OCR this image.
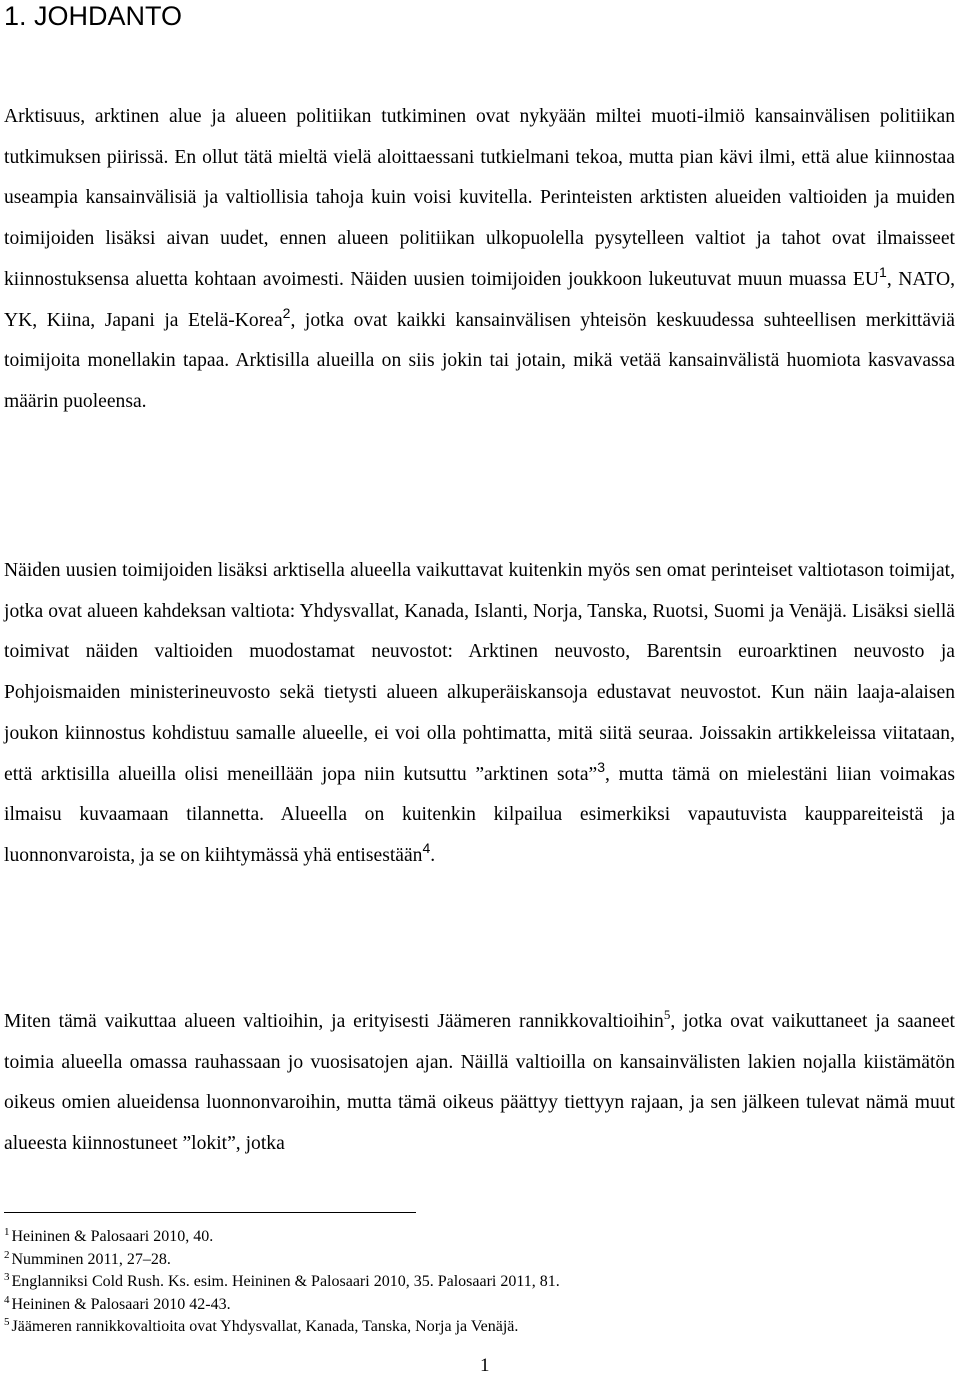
1. JOHDANTO

Arktisuus, arktinen alue ja alueen politiikan tutkiminen ovat nykyään miltei muoti-ilmiö kansainvälisen politiikan tutkimuksen piirissä. En ollut tätä mieltä vielä aloittaessani tutkielmani tekoa, mutta pian kävi ilmi, että alue kiinnostaa useampia kansainvälisiä ja valtiollisia tahoja kuin voisi kuvitella. Perinteisten arktisten alueiden valtioiden ja muiden toimijoiden lisäksi aivan uudet, ennen alueen politiikan ulkopuolella pysytelleen valtiot ja tahot ovat ilmaisseet kiinnostuksensa aluetta kohtaan avoimesti. Näiden uusien toimijoiden joukkoon lukeutuvat muun muassa $EU^1$, NATO, YK, Kiina, Japani ja Etelä-Korea$^2$, jotka ovat kaikki kansainvälisen yhteisön keskuudessa suhteellisen merkittäviä toimijoita monellakin tapaa. Arktisilla alueilla on siis jokin tai jotain, mikä vetää kansainvälistä huomiota kasvavassa määrin puoleensa.

Näiden uusien toimijoiden lisäksi arktisella alueella vaikuttavat kuitenkin myös sen omat perinteiset valtiotason toimijat, jotka ovat alueen kahdeksan valtiota: Yhdysvallat, Kanada, Islanti, Norja, Tanska, Ruotsi, Suomi ja Venäjä. Lisäksi siellä toimivat näiden valtioiden muodostamat neuvostot: Arktinen neuvosto, Barentsin euroarktinen neuvosto ja Pohjoismaiden ministerineuvosto sekä tietysti alueen alkuperäiskansoja edustavat neuvostot. Kun näin laaja-alaisen joukon kiinnostus kohdistuu samalle alueelle, ei voi olla pohtimatta, mitä siitä seuraa. Joissakin artikkeleissa viitataan, että arktisilla alueilla olisi meneillään jopa niin kutsuttu ”arktinen sota”$^3$, mutta tämä on mielestäni liian voimakas ilmaisu kuvaamaan tilannetta. Alueella on kuitenkin kilpailua esimerkiksi vapautuvista kauppareiteistä ja luonnonvaroista, ja se on kiihtymässä yhä entisestään$^4$.

Miten tämä vaikuttaa alueen valtioihin, ja erityisesti Jäämeren rannikkovaltioihin$^5$, jotka ovat vaikuttaneet ja saaneet toimia alueella omassa rauhassaan jo vuosisatojen ajan. Näillä valtioilla on kansainvälisten lakien nojalla kiistämätön oikeus omien alueidensa luonnonvaroihin, mutta tämä oikeus päättyy tiettyyn rajaan, ja sen jälkeen tulevat nämä muut alueesta kiinnostuneet ”lokit”, jotka

$^1$ Heininen & Palosaari 2010, 40.
$^2$ Numminen 2011, 27–28.
$^3$ Englanniksi Cold Rush. Ks. esim. Heininen & Palosaari 2010, 35. Palosaari 2011, 81.
$^4$ Heininen & Palosaari 2010 42-43.
$^5$ Jäämeren rannikkovaltioita ovat Yhdysvallat, Kanada, Tanska, Norja ja Venäjä.
1
